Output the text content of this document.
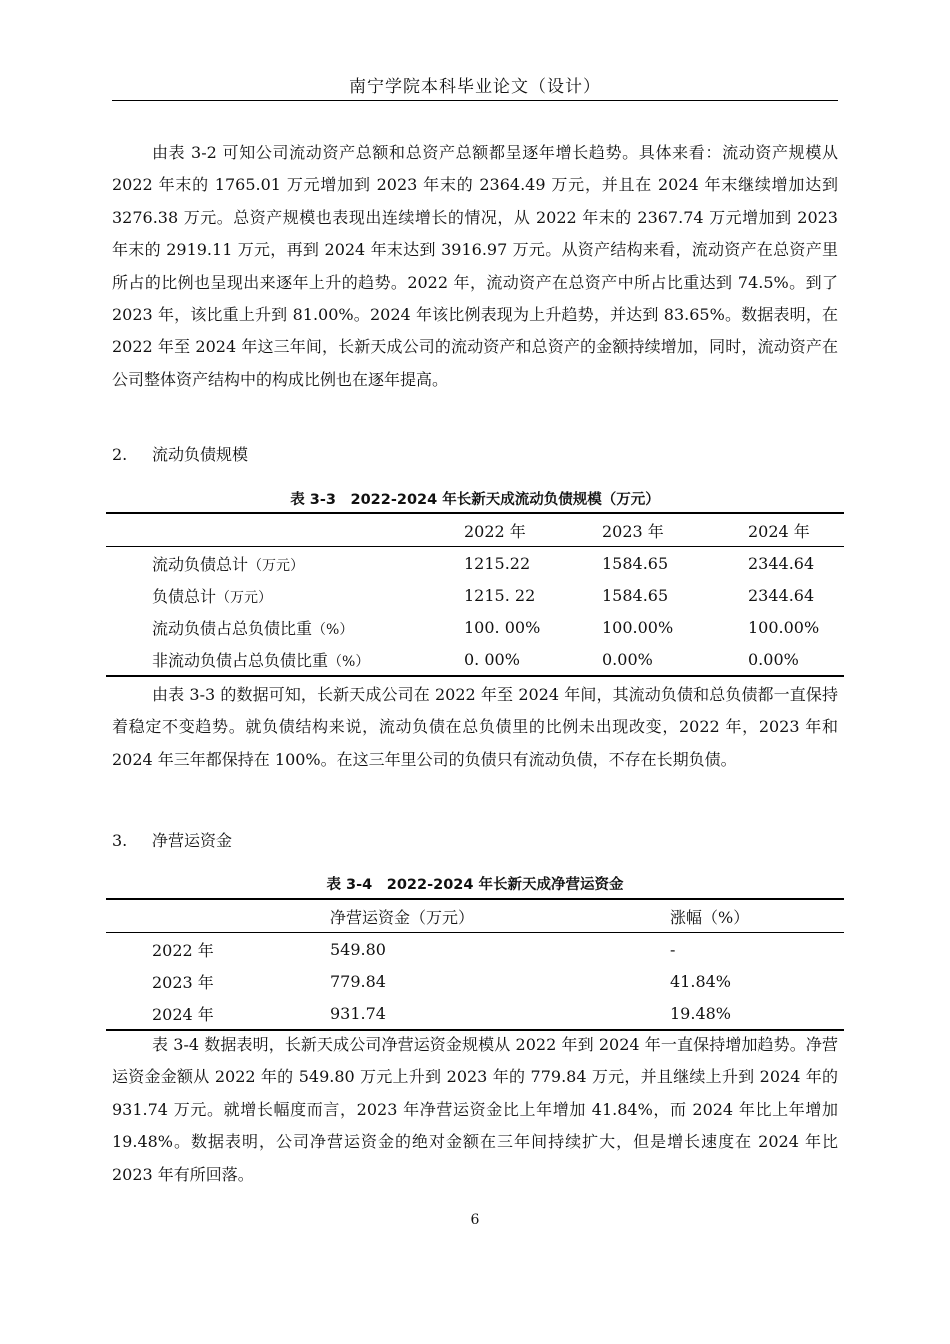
南宁学院本科毕业论文（设计）

由表 3-2 可知公司流动资产总额和总资产总额都呈逐年增长趋势。具体来看：流动资产规模从 2022 年末的 1765.01 万元增加到 2023 年末的 2364.49 万元，并且在 2024 年末继续增加达到 3276.38 万元。总资产规模也表现出连续增长的情况，从 2022 年末的 2367.74 万元增加到 2023 年末的 2919.11 万元，再到 2024 年末达到 3916.97 万元。从资产结构来看，流动资产在总资产里所占的比例也呈现出来逐年上升的趋势。2022 年，流动资产在总资产中所占比重达到 74.5%。到了 2023 年，该比重上升到 81.00%。2024 年该比例表现为上升趋势，并达到 83.65%。数据表明，在 2022 年至 2024 年这三年间，长新天成公司的流动资产和总资产的金额持续增加，同时，流动资产在公司整体资产结构中的构成比例也在逐年提高。

2. 流动负债规模
表 3-3　2022-2024 年长新天成流动负债规模（万元）
	2022 年	2023 年	2024 年
流动负债总计（万元）	1215.22	1584.65	2344.64
负债总计（万元）	1215. 22	1584.65	2344.64
流动负债占总负债比重（%）	100. 00%	100.00%	100.00%
非流动负债占总负债比重（%）	0. 00%	0.00%	0.00%

由表 3-3 的数据可知，长新天成公司在 2022 年至 2024 年间，其流动负债和总负债都一直保持着稳定不变趋势。就负债结构来说，流动负债在总负债里的比例未出现改变，2022 年，2023 年和 2024 年三年都保持在 100%。在这三年里公司的负债只有流动负债，不存在长期负债。

3. 净营运资金
表 3-4　2022-2024 年长新天成净营运资金
	净营运资金（万元）	涨幅（%）
2022 年	549.80	-
2023 年	779.84	41.84%
2024 年	931.74	19.48%

表 3-4 数据表明，长新天成公司净营运资金规模从 2022 年到 2024 年一直保持增加趋势。净营运资金金额从 2022 年的 549.80 万元上升到 2023 年的 779.84 万元，并且继续上升到 2024 年的 931.74 万元。就增长幅度而言，2023 年净营运资金比上年增加 41.84%，而 2024 年比上年增加 19.48%。数据表明，公司净营运资金的绝对金额在三年间持续扩大，但是增长速度在 2024 年比 2023 年有所回落。

6
